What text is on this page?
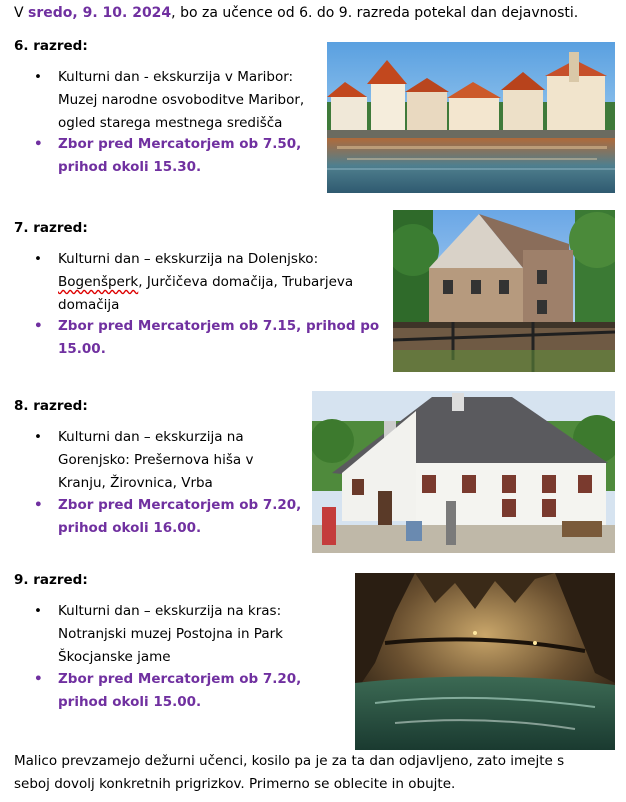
V sredo, 9. 10. 2024, bo za učence od 6. do 9. razreda potekal dan dejavnosti.
6. razred:
•	Kulturni dan - ekskurzija v Maribor:
Muzej narodne osvoboditve Maribor,
ogled starega mestnega središča
•	Zbor pred Mercatorjem ob 7.50,
prihod okoli 15.30.
7. razred:
•	Kulturni dan – ekskurzija na Dolenjsko:
Bogenšperk, Jurčičeva domačija, Trubarjeva
domačija
•	Zbor pred Mercatorjem ob 7.15, prihod po
15.00.
8. razred:
•	Kulturni dan – ekskurzija na
Gorenjsko: Prešernova hiša v
Kranju, Žirovnica, Vrba
•	Zbor pred Mercatorjem ob 7.20,
prihod okoli 16.00.
9. razred:
•	Kulturni dan – ekskurzija na kras:
Notranjski muzej Postojna in Park
Škocjanske jame
•	Zbor pred Mercatorjem ob 7.20,
prihod okoli 15.00.
Malico prevzamejo dežurni učenci, kosilo pa je za ta dan odjavljeno, zato imejte s
seboj dovolj konkretnih prigrizkov. Primerno se oblecite in obujte.
